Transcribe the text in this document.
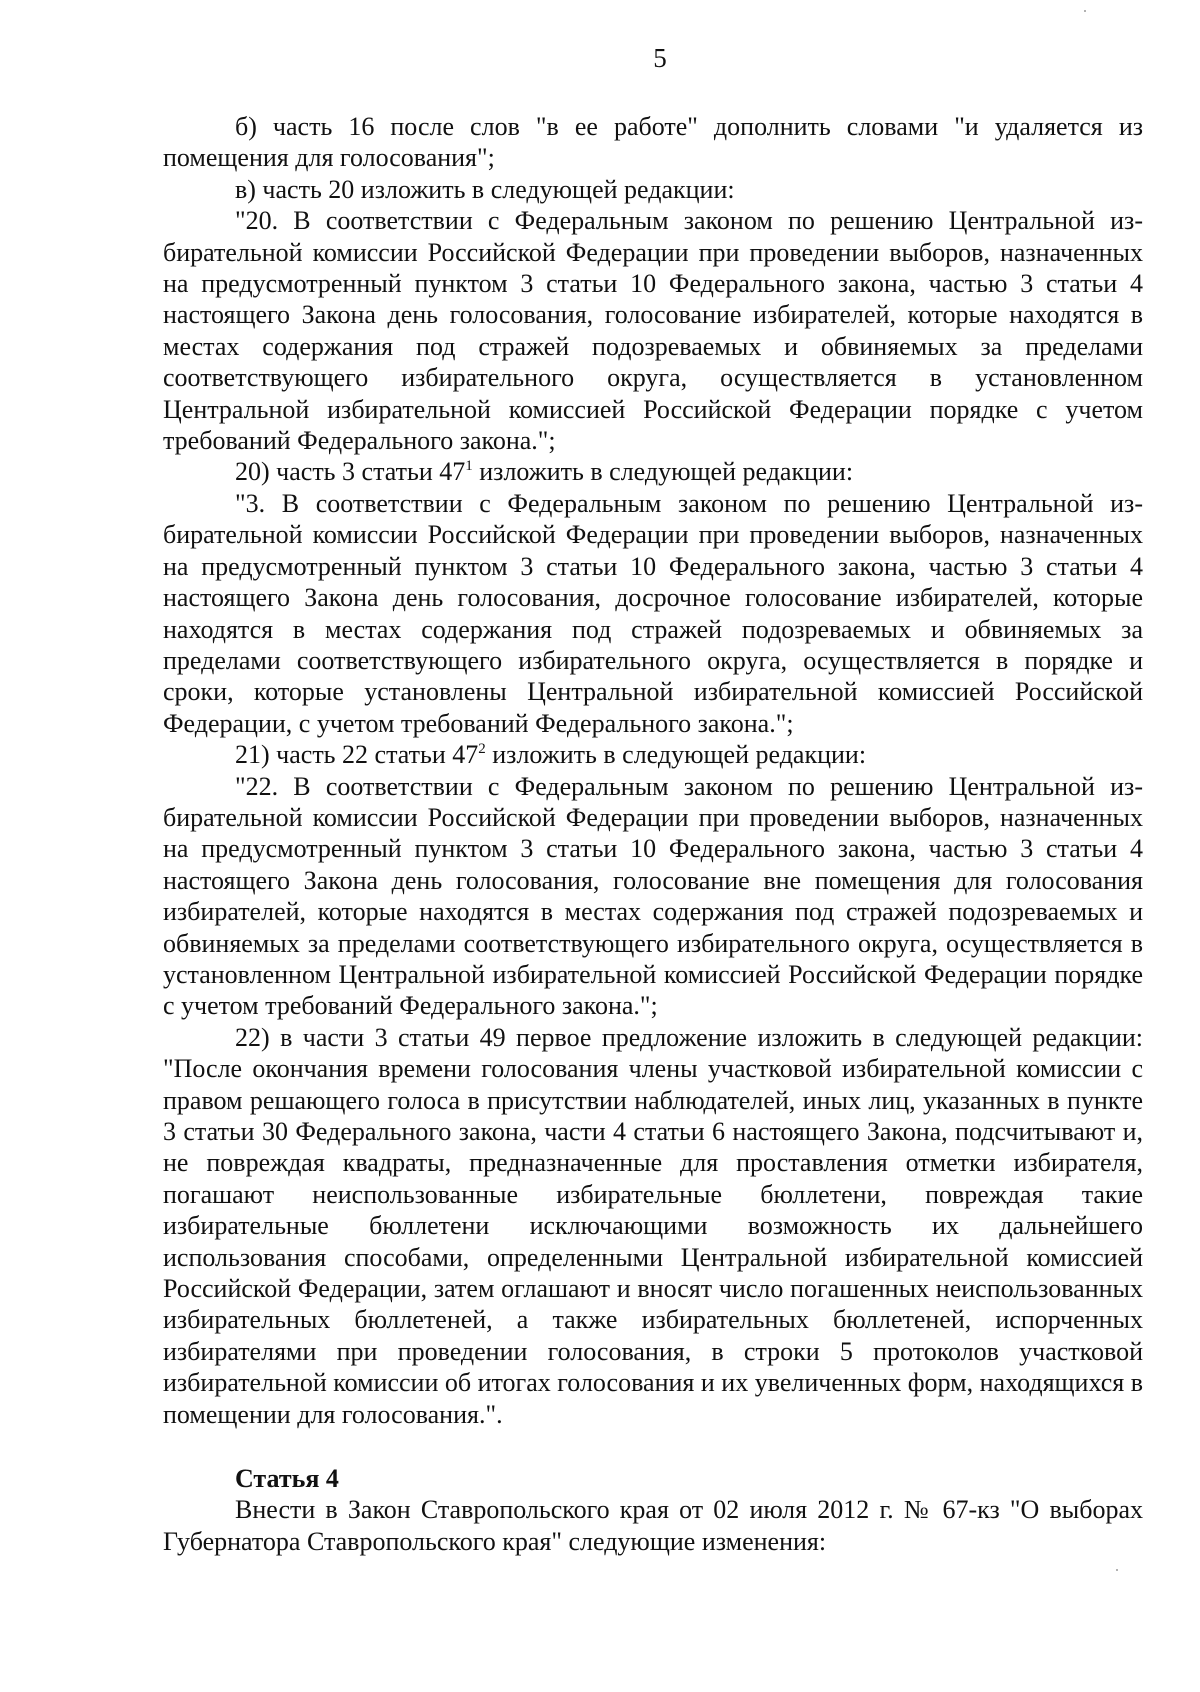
5

б) часть 16 после слов "в ее работе" дополнить словами "и удаляется из помещения для голосования";

в) часть 20 изложить в следующей редакции:

"20. В соответствии с Федеральным законом по решению Центральной избирательной комиссии Российской Федерации при проведении выборов, назначенных на предусмотренный пунктом 3 статьи 10 Федерального закона, частью 3 статьи 4 настоящего Закона день голосования, голосование избирателей, которые находятся в местах содержания под стражей подозреваемых и обвиняемых за пределами соответствующего избирательного округа, осуществляется в установленном Центральной избирательной комиссией Российской Федерации порядке с учетом требований Федерального закона.";

20) часть 3 статьи $47^1$ изложить в следующей редакции:

"3. В соответствии с Федеральным законом по решению Центральной избирательной комиссии Российской Федерации при проведении выборов, назначенных на предусмотренный пунктом 3 статьи 10 Федерального закона, частью 3 статьи 4 настоящего Закона день голосования, досрочное голосование избирателей, которые находятся в местах содержания под стражей подозреваемых и обвиняемых за пределами соответствующего избирательного округа, осуществляется в порядке и сроки, которые установлены Центральной избирательной комиссией Российской Федерации, с учетом требований Федерального закона.";

21) часть 22 статьи $47^2$ изложить в следующей редакции:

"22. В соответствии с Федеральным законом по решению Центральной избирательной комиссии Российской Федерации при проведении выборов, назначенных на предусмотренный пунктом 3 статьи 10 Федерального закона, частью 3 статьи 4 настоящего Закона день голосования, голосование вне помещения для голосования избирателей, которые находятся в местах содержания под стражей подозреваемых и обвиняемых за пределами соответствующего избирательного округа, осуществляется в установленном Центральной избирательной комиссией Российской Федерации порядке с учетом требований Федерального закона.";

22) в части 3 статьи 49 первое предложение изложить в следующей редакции: "После окончания времени голосования члены участковой избирательной комиссии с правом решающего голоса в присутствии наблюдателей, иных лиц, указанных в пункте 3 статьи 30 Федерального закона, части 4 статьи 6 настоящего Закона, подсчитывают и, не повреждая квадраты, предназначенные для проставления отметки избирателя, погашают неиспользованные избирательные бюллетени, повреждая такие избирательные бюллетени исключающими возможность их дальнейшего использования способами, определенными Центральной избирательной комиссией Российской Федерации, затем оглашают и вносят число погашенных неиспользованных избирательных бюллетеней, а также избирательных бюллетеней, испорченных избирателями при проведении голосования, в строки 5 протоколов участковой избирательной комиссии об итогах голосования и их увеличенных форм, находящихся в помещении для голосования.".

Статья 4

Внести в Закон Ставропольского края от 02 июля 2012 г. № 67-кз "О выборах Губернатора Ставропольского края" следующие изменения:
